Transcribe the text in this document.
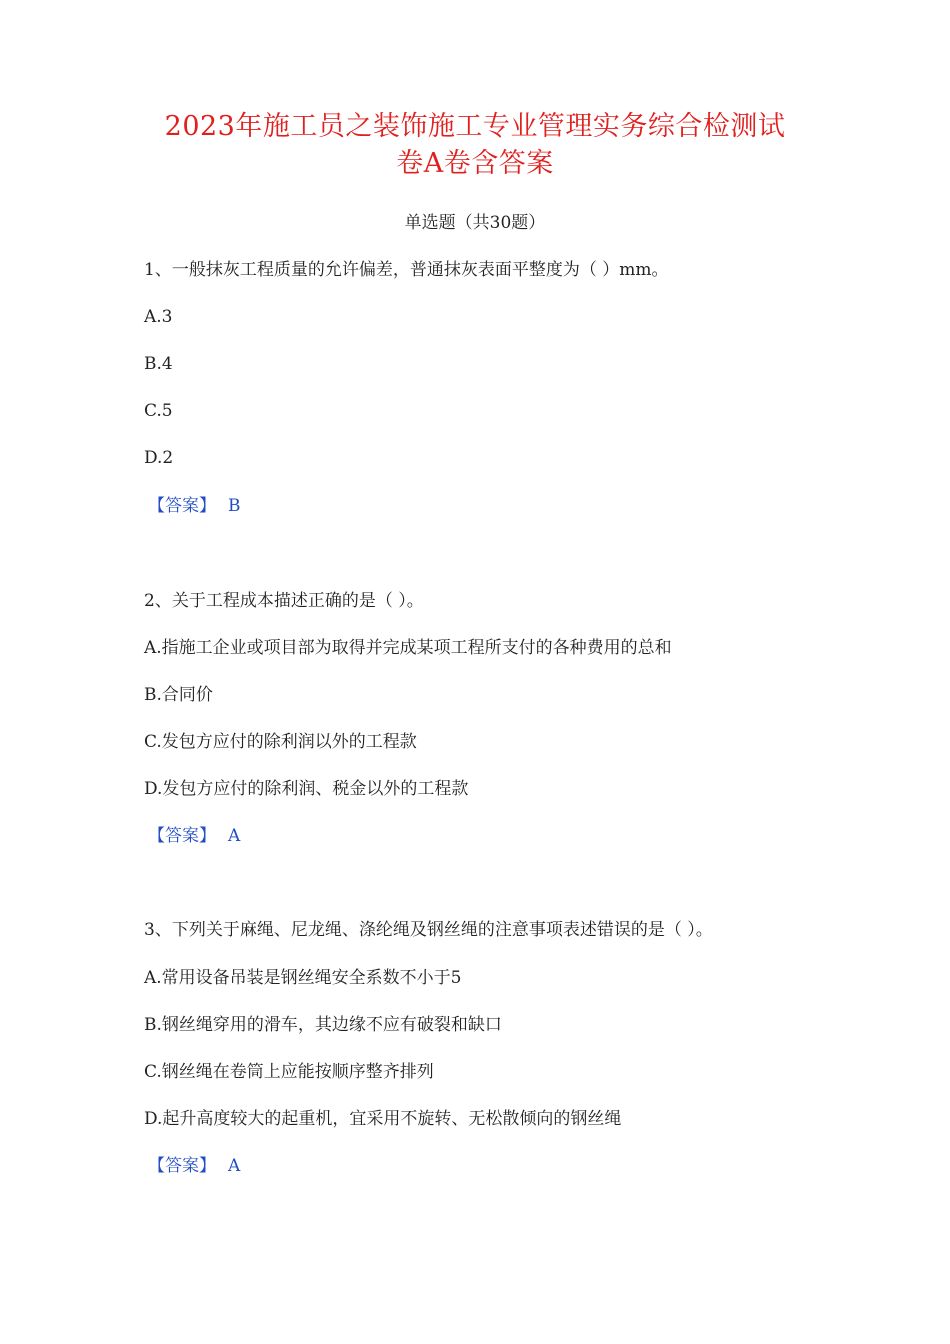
2023年施工员之装饰施工专业管理实务综合检测试
卷A卷含答案
单选题（共30题）
1、一般抹灰工程质量的允许偏差，普通抹灰表面平整度为（ ）mm。
A.3
B.4
C.5
D.2
【答案】 B
2、关于工程成本描述正确的是（ ）。
A.指施工企业或项目部为取得并完成某项工程所支付的各种费用的总和
B.合同价
C.发包方应付的除利润以外的工程款
D.发包方应付的除利润、税金以外的工程款
【答案】 A
3、下列关于麻绳、尼龙绳、涤纶绳及钢丝绳的注意事项表述错误的是（ ）。
A.常用设备吊装是钢丝绳安全系数不小于5
B.钢丝绳穿用的滑车，其边缘不应有破裂和缺口
C.钢丝绳在卷筒上应能按顺序整齐排列
D.起升高度较大的起重机，宜采用不旋转、无松散倾向的钢丝绳
【答案】 A
